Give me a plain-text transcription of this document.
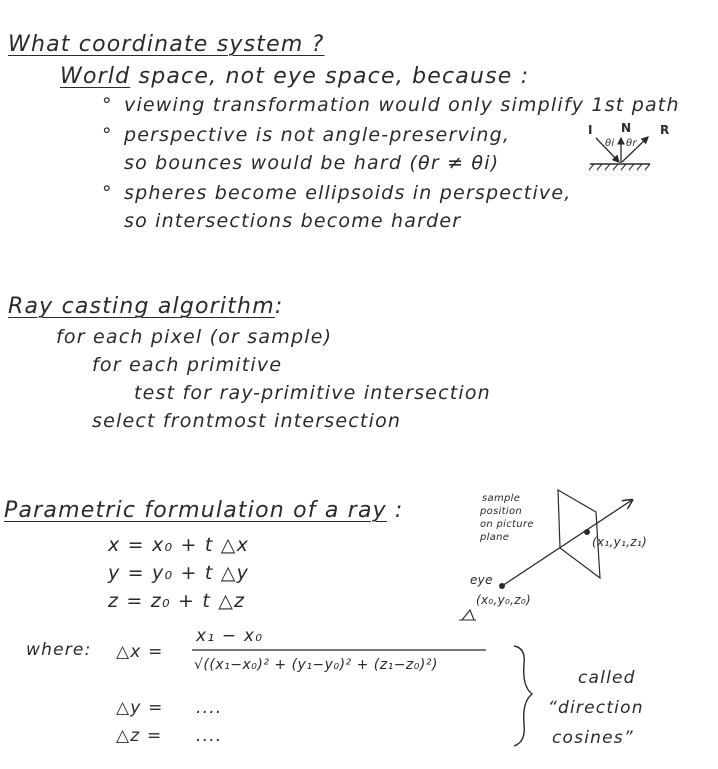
What coordinate system ?
World space, not eye space, because :
° viewing transformation would only simplify 1st path
° perspective is not angle-preserving,
so bounces would be hard (θr ≠ θi)
° spheres become ellipsoids in perspective,
so intersections become harder
I N R
θi θr
Ray casting algorithm:
for each pixel (or sample)
for each primitive
test for ray-primitive intersection
select frontmost intersection
Parametric formulation of a ray :
x = x₀ + t △x
y = y₀ + t △y
z = z₀ + t △z
where: △x =
x₁ − x₀
√((x₁−x₀)² + (y₁−y₀)² + (z₁−z₀)²)
△y = ....
△z = ....
called
“direction
cosines”
sample
position
on picture
plane	(x₁,y₁,z₁)
eye
(x₀,y₀,z₀)
